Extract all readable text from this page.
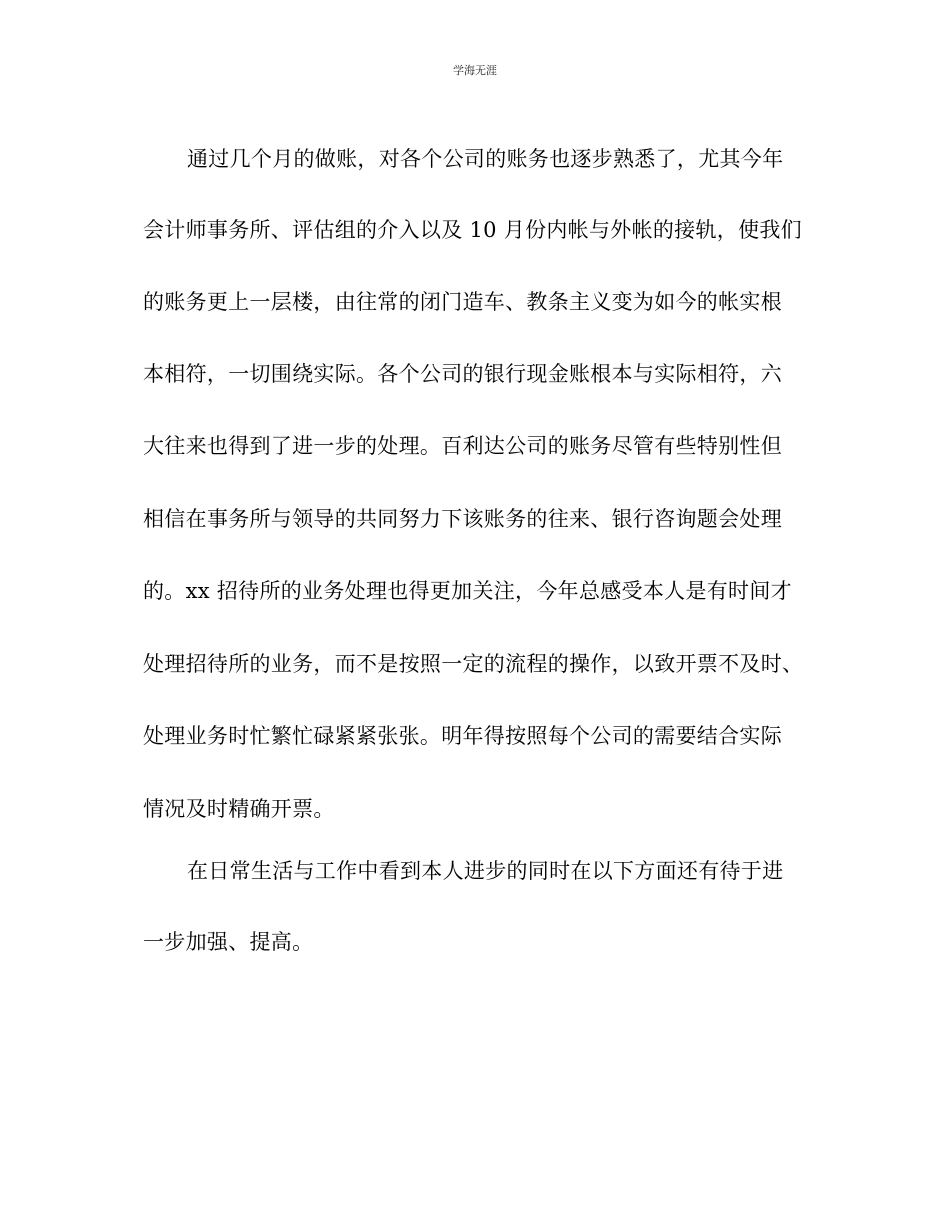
学海无涯
通过几个月的做账，对各个公司的账务也逐步熟悉了，尤其今年
会计师事务所、评估组的介入以及 10 月份内帐与外帐的接轨，使我们
的账务更上一层楼，由往常的闭门造车、教条主义变为如今的帐实根
本相符，一切围绕实际。各个公司的银行现金账根本与实际相符，六
大往来也得到了进一步的处理。百利达公司的账务尽管有些特别性但
相信在事务所与领导的共同努力下该账务的往来、银行咨询题会处理
的。xx 招待所的业务处理也得更加关注，今年总感受本人是有时间才
处理招待所的业务，而不是按照一定的流程的操作，以致开票不及时、
处理业务时忙繁忙碌紧紧张张。明年得按照每个公司的需要结合实际
情况及时精确开票。
在日常生活与工作中看到本人进步的同时在以下方面还有待于进
一步加强、提高。
